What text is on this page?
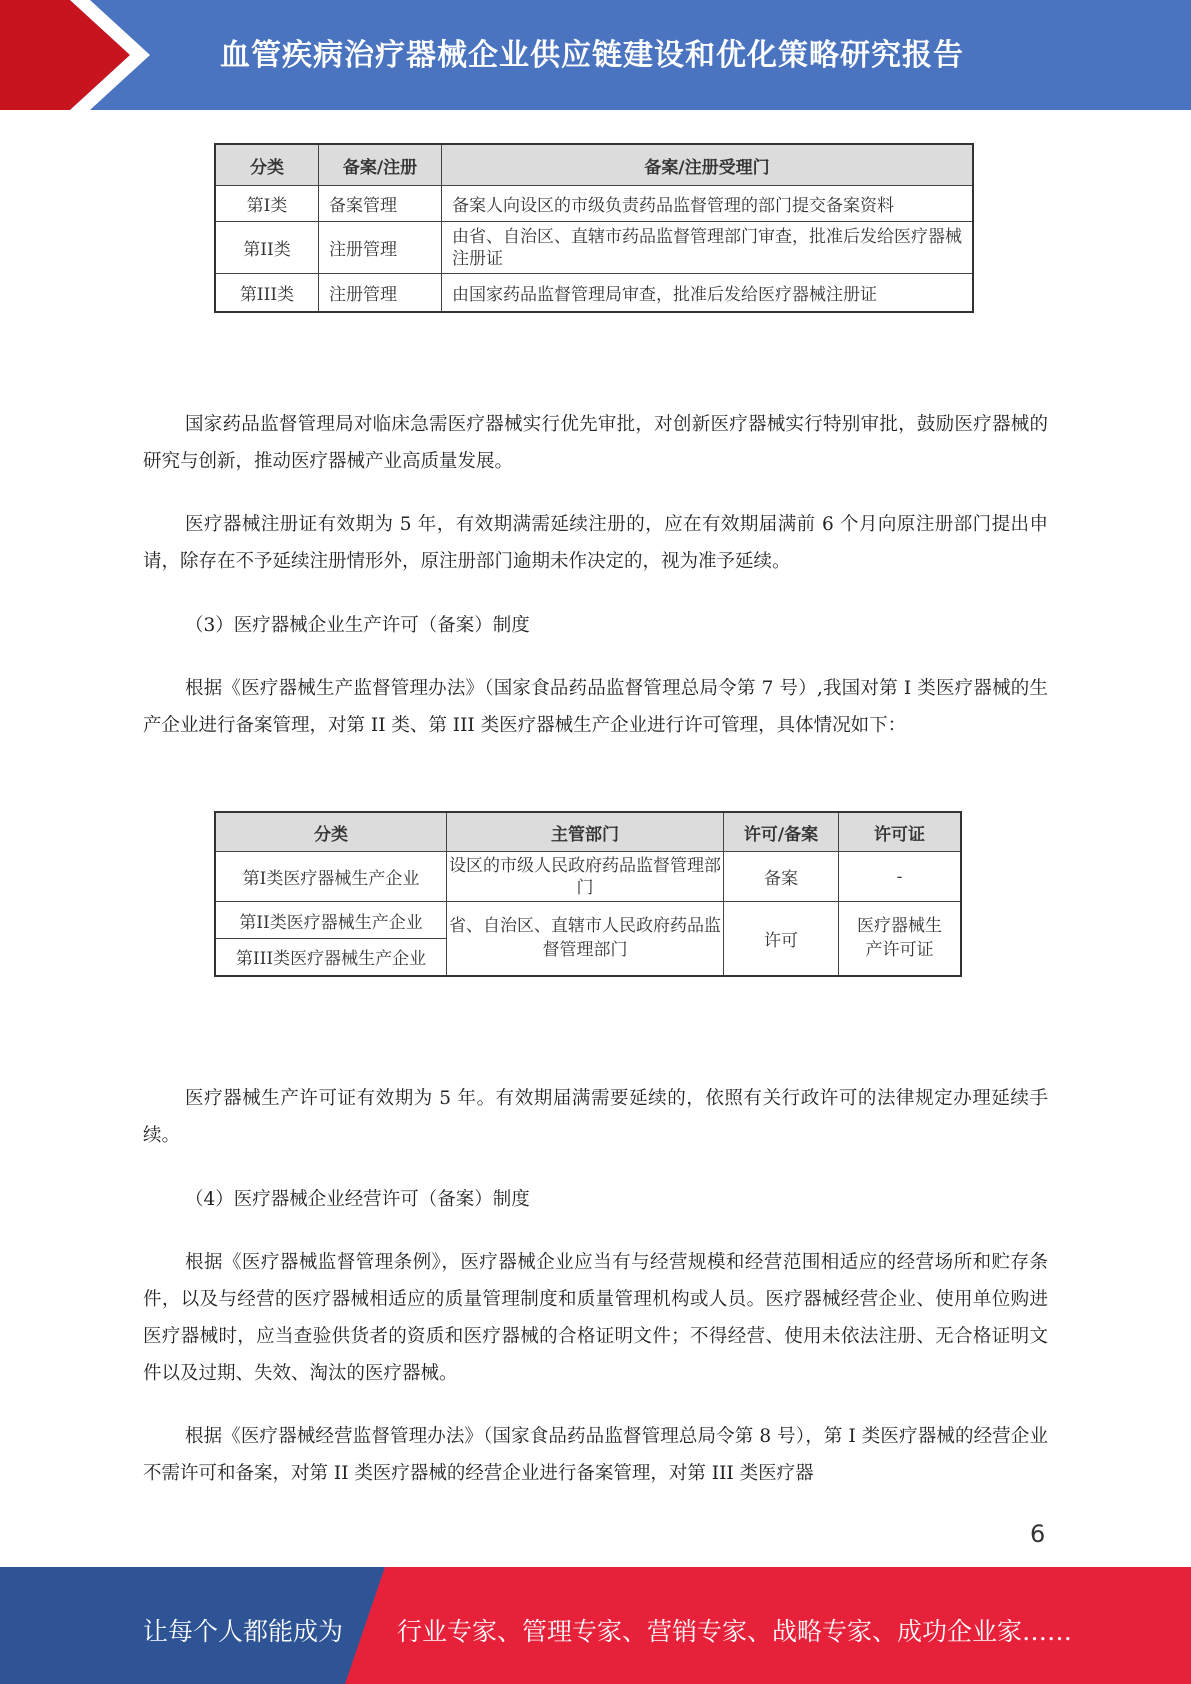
血管疾病治疗器械企业供应链建设和优化策略研究报告
分类	备案/注册	备案/注册受理门
第I类	备案管理	备案人向设区的市级负责药品监督管理的部门提交备案资料
第II类	注册管理	由省、自治区、直辖市药品监督管理部门审查，批准后发给医疗器械注册证
第III类	注册管理	由国家药品监督管理局审查，批准后发给医疗器械注册证

国家药品监督管理局对临床急需医疗器械实行优先审批，对创新医疗器械实行特别审批，鼓励医疗器械的研究与创新，推动医疗器械产业高质量发展。

医疗器械注册证有效期为 5 年，有效期满需延续注册的，应在有效期届满前 6 个月向原注册部门提出申请，除存在不予延续注册情形外，原注册部门逾期未作决定的，视为准予延续。

（3）医疗器械企业生产许可（备案）制度

根据《医疗器械生产监督管理办法》（国家食品药品监督管理总局令第 7 号）,我国对第 I 类医疗器械的生产企业进行备案管理，对第 II 类、第 III 类医疗器械生产企业进行许可管理，具体情况如下：

分类	主管部门	许可/备案	许可证
第I类医疗器械生产企业	设区的市级人民政府药品监督管理部门	备案	-
第II类医疗器械生产企业	省、自治区、直辖市人民政府药品监督管理部门	许可	医疗器械生产许可证
第III类医疗器械生产企业			

医疗器械生产许可证有效期为 5 年。有效期届满需要延续的，依照有关行政许可的法律规定办理延续手续。

（4）医疗器械企业经营许可（备案）制度

根据《医疗器械监督管理条例》，医疗器械企业应当有与经营规模和经营范围相适应的经营场所和贮存条件，以及与经营的医疗器械相适应的质量管理制度和质量管理机构或人员。医疗器械经营企业、使用单位购进医疗器械时，应当查验供货者的资质和医疗器械的合格证明文件；不得经营、使用未依法注册、无合格证明文件以及过期、失效、淘汰的医疗器械。

根据《医疗器械经营监督管理办法》（国家食品药品监督管理总局令第 8 号），第 I 类医疗器械的经营企业不需许可和备案，对第 II 类医疗器械的经营企业进行备案管理，对第 III 类医疗器

6
让每个人都能成为 行业专家、管理专家、营销专家、战略专家、成功企业家……
